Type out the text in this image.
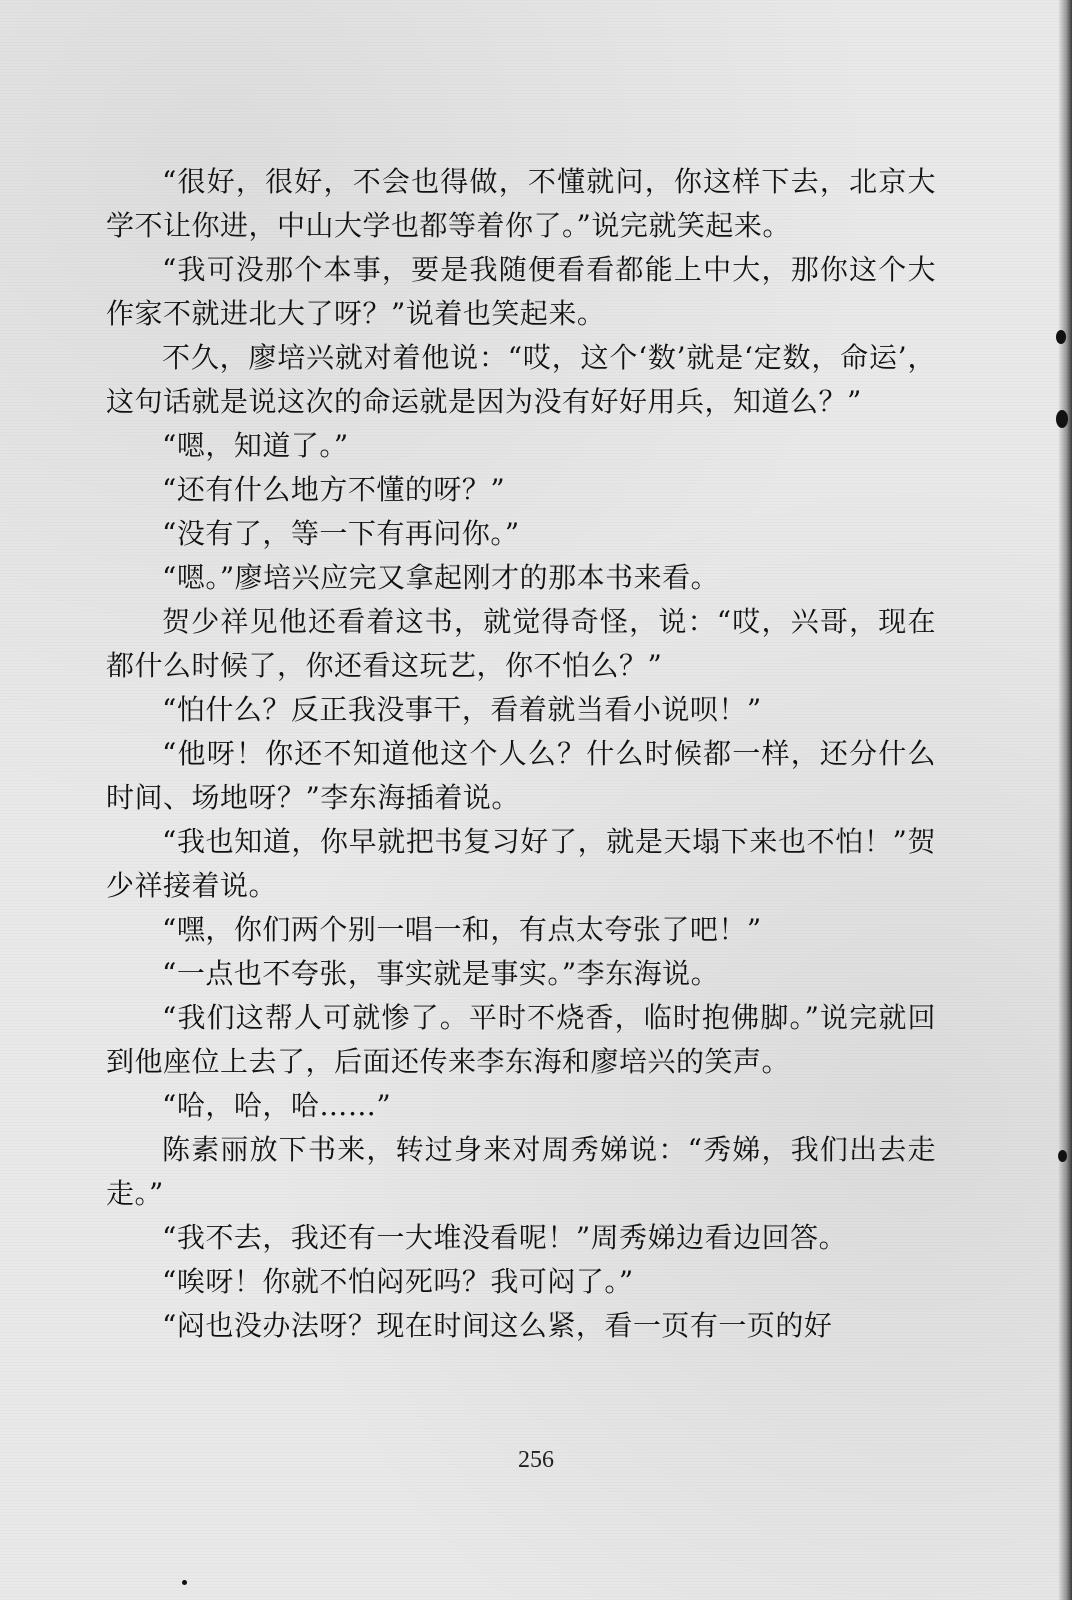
“很好，很好，不会也得做，不懂就问，你这样下去，北京大学不让你进，中山大学也都等着你了。”说完就笑起来。

“我可没那个本事，要是我随便看看都能上中大，那你这个大作家不就进北大了呀？”说着也笑起来。

不久，廖培兴就对着他说：“哎，这个‘数’就是‘定数，命运’，这句话就是说这次的命运就是因为没有好好用兵，知道么？”

“嗯，知道了。”

“还有什么地方不懂的呀？”

“没有了，等一下有再问你。”

“嗯。”廖培兴应完又拿起刚才的那本书来看。

贺少祥见他还看着这书，就觉得奇怪，说：“哎，兴哥，现在都什么时候了，你还看这玩艺，你不怕么？”

“怕什么？反正我没事干，看着就当看小说呗！”

“他呀！你还不知道他这个人么？什么时候都一样，还分什么时间、场地呀？”李东海插着说。

“我也知道，你早就把书复习好了，就是天塌下来也不怕！”贺少祥接着说。

“嘿，你们两个别一唱一和，有点太夸张了吧！”

“一点也不夸张，事实就是事实。”李东海说。

“我们这帮人可就惨了。平时不烧香，临时抱佛脚。”说完就回到他座位上去了，后面还传来李东海和廖培兴的笑声。

“哈，哈，哈……”

陈素丽放下书来，转过身来对周秀娣说：“秀娣，我们出去走走。”

“我不去，我还有一大堆没看呢！”周秀娣边看边回答。

“唉呀！你就不怕闷死吗？我可闷了。”

“闷也没办法呀？现在时间这么紧，看一页有一页的好

256
